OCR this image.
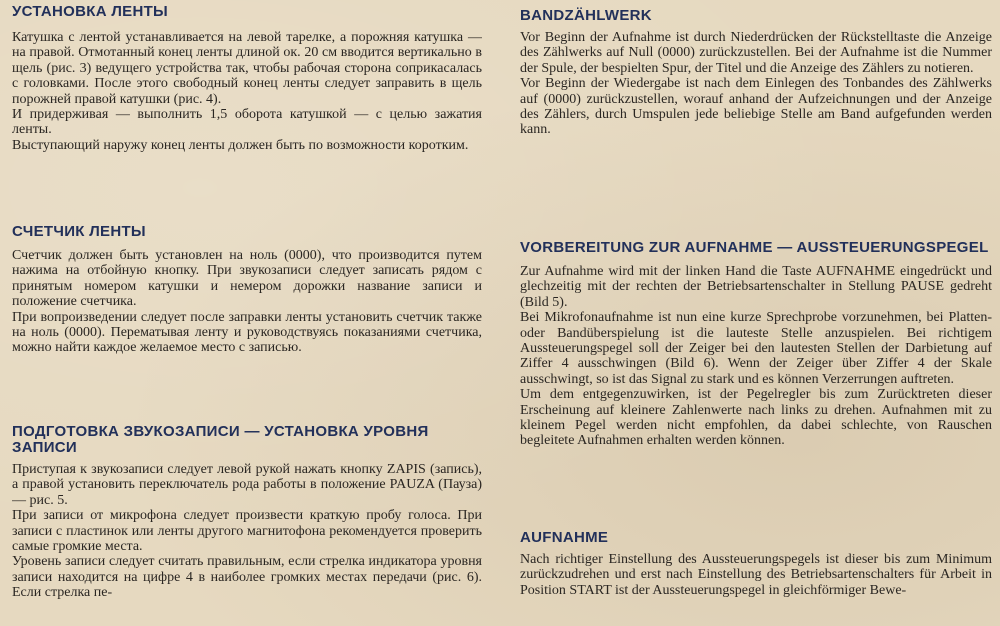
УСТАНОВКА ЛЕНТЫ

Катушка с лентой устанавливается на левой тарелке, а порожняя катушка — на правой. Отмотанный конец ленты длиной ок. 20 см вводится вертикально в щель (рис. 3) ведущего устройства так, чтобы рабочая сторона соприкасалась с головками. После этого свободный конец ленты следует заправить в щель порожней правой катушки (рис. 4).

И придерживая — выполнить 1,5 оборота катушкой — с целью зажатия ленты.

Выступающий наружу конец ленты должен быть по возможности коротким.

СЧЕТЧИК ЛЕНТЫ

Счетчик должен быть установлен на ноль (0000), что производится путем нажима на отбойную кнопку. При звукозаписи следует записать рядом с принятым номером катушки и немером дорожки название записи и положение счетчика.

При вопроизведении следует после заправки ленты установить счетчик также на ноль (0000). Перематывая ленту и руководствуясь показаниями счетчика, можно найти каждое желаемое место с записью.

ПОДГОТОВКА ЗВУКОЗАПИСИ — УСТАНОВКА УРОВНЯ ЗАПИСИ

Приступая к звукозаписи следует левой рукой нажать кнопку ZAPIS (запись), а правой установить переключатель рода работы в положение PAUZA (Пауза) — рис. 5.

При записи от микрофона следует произвести краткую пробу голоса. При записи с пластинок или ленты другого магнитофона рекомендуется проверить самые громкие места.

Уровень записи следует считать правильным, если стрелка индикатора уровня записи находится на цифре 4 в наиболее громких местах передачи (рис. 6). Если стрелка пе-

BANDZÄHLWERK

Vor Beginn der Aufnahme ist durch Niederdrücken der Rückstelltaste die Anzeige des Zählwerks auf Null (0000) zurückzustellen. Bei der Aufnahme ist die Nummer der Spule, der bespielten Spur, der Titel und die Anzeige des Zählers zu notieren.

Vor Beginn der Wiedergabe ist nach dem Einlegen des Tonbandes des Zählwerks auf (0000) zurückzustellen, worauf anhand der Aufzeichnungen und der Anzeige des Zählers, durch Umspulen jede beliebige Stelle am Band aufgefunden werden kann.

VORBEREITUNG ZUR AUFNAHME — AUSSTEUERUNGSPEGEL

Zur Aufnahme wird mit der linken Hand die Taste AUFNAHME eingedrückt und glechzeitig mit der rechten der Betriebsartenschalter in Stellung PAUSE gedreht (Bild 5).

Bei Mikrofonaufnahme ist nun eine kurze Sprechprobe vorzunehmen, bei Platten- oder Bandüberspielung ist die lauteste Stelle anzuspielen. Bei richtigem Aussteuerungspegel soll der Zeiger bei den lautesten Stellen der Darbietung auf Ziffer 4 ausschwingen (Bild 6). Wenn der Zeiger über Ziffer 4 der Skale ausschwingt, so ist das Signal zu stark und es können Verzerrungen auftreten.

Um dem entgegenzuwirken, ist der Pegelregler bis zum Zurücktreten dieser Erscheinung auf kleinere Zahlenwerte nach links zu drehen. Aufnahmen mit zu kleinem Pegel werden nicht empfohlen, da dabei schlechte, von Rauschen begleitete Aufnahmen erhalten werden können.

AUFNAHME

Nach richtiger Einstellung des Aussteuerungspegels ist dieser bis zum Minimum zurückzudrehen und erst nach Einstellung des Betriebsartenschalters für Arbeit in Position START ist der Aussteuerungspegel in gleichförmiger Bewe-
